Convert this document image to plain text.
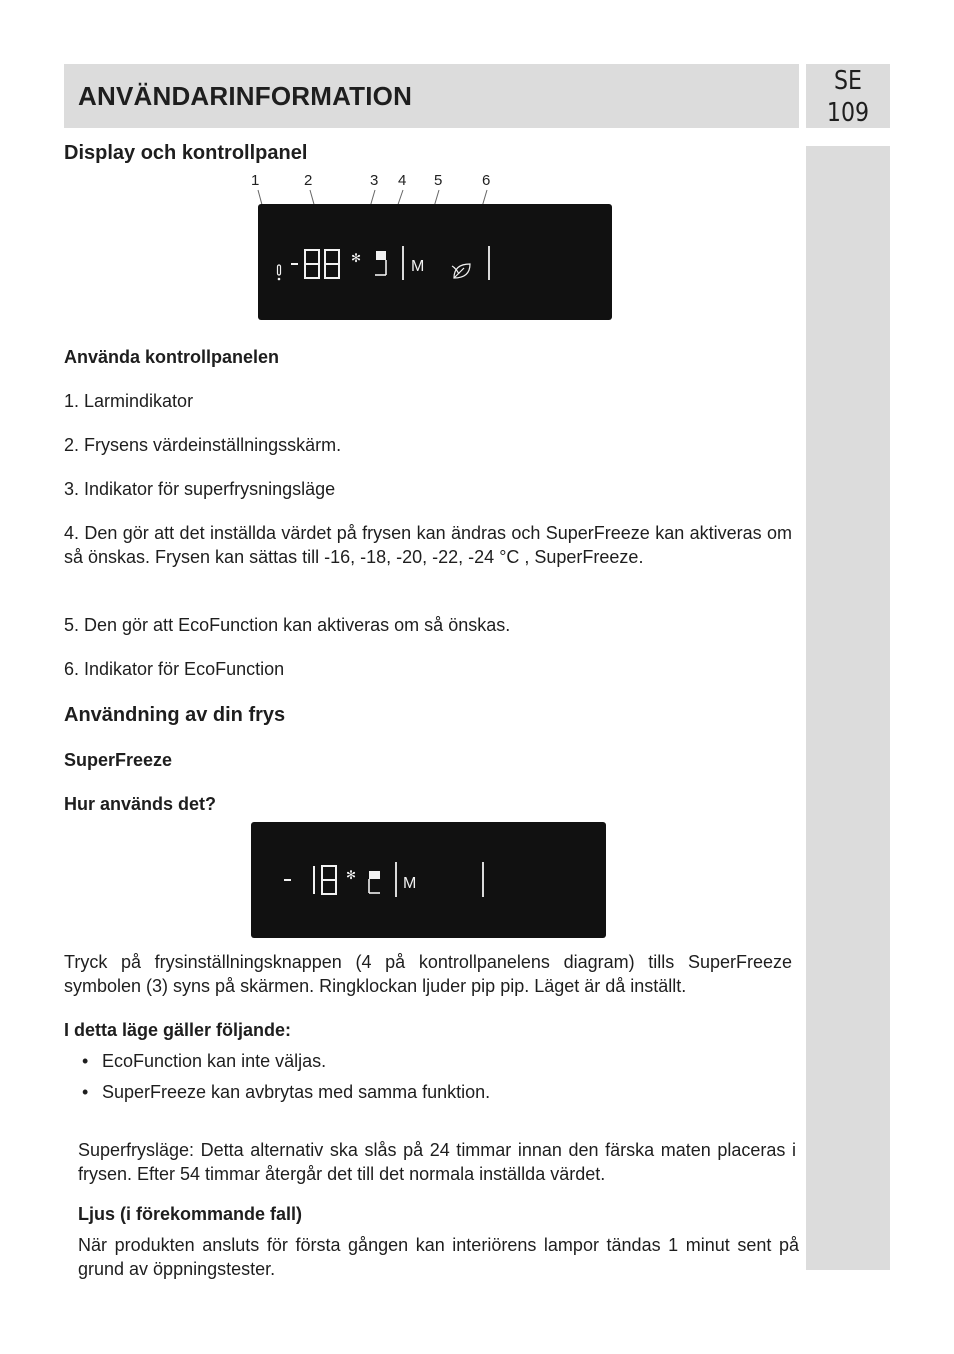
ANVÄNDARINFORMATION	SE
109
Display och kontrollpanel
1	2	3 4 5	6
✻	M
Använda kontrollpanelen
1. Larmindikator
2. Frysens värdeinställningsskärm.
3. Indikator för superfrysningsläge
4. Den gör att det inställda värdet på frysen kan ändras och SuperFreeze kan aktiveras om så önskas. Frysen kan sättas till -16, -18, -20, -22, -24 °C , SuperFreeze.
5. Den gör att EcoFunction kan aktiveras om så önskas.
6. Indikator för EcoFunction
Användning av din frys
SuperFreeze
Hur används det?
✻	M
Tryck på frysinställningsknappen (4 på kontrollpanelens diagram) tills SuperFreeze symbolen (3) syns på skärmen. Ringklockan ljuder pip pip. Läget är då inställt.
I detta läge gäller följande:
• EcoFunction kan inte väljas.
• SuperFreeze kan avbrytas med samma funktion.
Superfrysläge: Detta alternativ ska slås på 24 timmar innan den färska maten placeras i frysen. Efter 54 timmar återgår det till det normala inställda värdet.
Ljus (i förekommande fall)
När produkten ansluts för första gången kan interiörens lampor tändas 1 minut sent på grund av öppningstester.
